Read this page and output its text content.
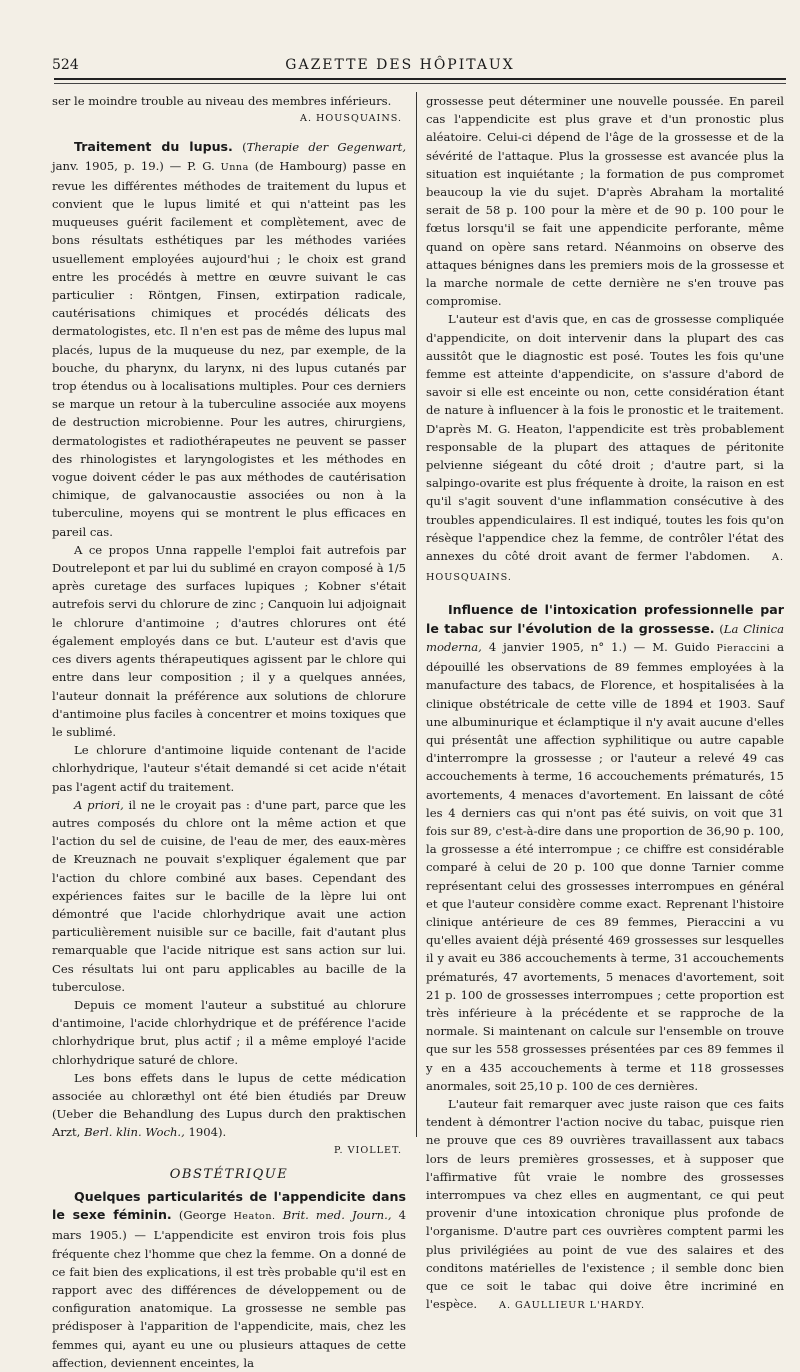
524	GAZETTE DES HÔPITAUX

ser le moindre trouble au niveau des membres inférieurs.

A. HOUSQUAINS.

Traitement du lupus. (Therapie der Gegenwart, janv. 1905, p. 19.) — P. G. Unna (de Hambourg) passe en revue les différentes méthodes de traitement du lupus et convient que le lupus limité et qui n'atteint pas les muqueuses guérit facilement et complètement, avec de bons résultats esthétiques par les méthodes variées usuellement employées aujourd'hui ; le choix est grand entre les procédés à mettre en œuvre suivant le cas particulier : Röntgen, Finsen, extirpation radicale, cautérisations chimiques et procédés délicats des dermatologistes, etc. Il n'en est pas de même des lupus mal placés, lupus de la muqueuse du nez, par exemple, de la bouche, du pharynx, du larynx, ni des lupus cutanés par trop étendus ou à localisations multiples. Pour ces derniers se marque un retour à la tuberculine associée aux moyens de destruction microbienne. Pour les autres, chirurgiens, dermatologistes et radiothérapeutes ne peuvent se passer des rhinologistes et laryngologistes et les méthodes en vogue doivent céder le pas aux méthodes de cautérisation chimique, de galvanocaustie associées ou non à la tuberculine, moyens qui se montrent le plus efficaces en pareil cas.

A ce propos Unna rappelle l'emploi fait autrefois par Doutrelepont et par lui du sublimé en crayon composé à 1/5 après curetage des surfaces lupiques ; Kobner s'était autrefois servi du chlorure de zinc ; Canquoin lui adjoignait le chlorure d'antimoine ; d'autres chlorures ont été également employés dans ce but. L'auteur est d'avis que ces divers agents thérapeutiques agissent par le chlore qui entre dans leur composition ; il y a quelques années, l'auteur donnait la préférence aux solutions de chlorure d'antimoine plus faciles à concentrer et moins toxiques que le sublimé.

Le chlorure d'antimoine liquide contenant de l'acide chlorhydrique, l'auteur s'était demandé si cet acide n'était pas l'agent actif du traitement.

A priori, il ne le croyait pas : d'une part, parce que les autres composés du chlore ont la même action et que l'action du sel de cuisine, de l'eau de mer, des eaux-mères de Kreuznach ne pouvait s'expliquer également que par l'action du chlore combiné aux bases. Cependant des expériences faites sur le bacille de la lèpre lui ont démontré que l'acide chlorhydrique avait une action particulièrement nuisible sur ce bacille, fait d'autant plus remarquable que l'acide nitrique est sans action sur lui. Ces résultats lui ont paru applicables au bacille de la tuberculose.

Depuis ce moment l'auteur a substitué au chlorure d'antimoine, l'acide chlorhydrique et de préférence l'acide chlorhydrique brut, plus actif ; il a même employé l'acide chlorhydrique saturé de chlore.

Les bons effets dans le lupus de cette médication associée au chloræthyl ont été bien étudiés par Dreuw (Ueber die Behandlung des Lupus durch den praktischen Arzt, Berl. klin. Woch., 1904).

P. VIOLLET.

OBSTÉTRIQUE

Quelques particularités de l'appendicite dans le sexe féminin. (George Heaton. Brit. med. Journ., 4 mars 1905.) — L'appendicite est environ trois fois plus fréquente chez l'homme que chez la femme. On a donné de ce fait bien des explications, il est très probable qu'il est en rapport avec des différences de développement ou de configuration anatomique. La grossesse ne semble pas prédisposer à l'apparition de l'appendicite, mais, chez les femmes qui, ayant eu une ou plusieurs attaques de cette affection, deviennent enceintes, la

grossesse peut déterminer une nouvelle poussée. En pareil cas l'appendicite est plus grave et d'un pronostic plus aléatoire. Celui-ci dépend de l'âge de la grossesse et de la sévérité de l'attaque. Plus la grossesse est avancée plus la situation est inquiétante ; la formation de pus compromet beaucoup la vie du sujet. D'après Abraham la mortalité serait de 58 p. 100 pour la mère et de 90 p. 100 pour le fœtus lorsqu'il se fait une appendicite perforante, même quand on opère sans retard. Néanmoins on observe des attaques bénignes dans les premiers mois de la grossesse et la marche normale de cette dernière ne s'en trouve pas compromise.

L'auteur est d'avis que, en cas de grossesse compliquée d'appendicite, on doit intervenir dans la plupart des cas aussitôt que le diagnostic est posé. Toutes les fois qu'une femme est atteinte d'appendicite, on s'assure d'abord de savoir si elle est enceinte ou non, cette considération étant de nature à influencer à la fois le pronostic et le traitement. D'après M. G. Heaton, l'appendicite est très probablement responsable de la plupart des attaques de péritonite pelvienne siégeant du côté droit ; d'autre part, si la salpingo-ovarite est plus fréquente à droite, la raison en est qu'il s'agit souvent d'une inflammation consécutive à des troubles appendiculaires. Il est indiqué, toutes les fois qu'on résèque l'appendice chez la femme, de contrôler l'état des annexes du côté droit avant de fermer l'abdomen. A. HOUSQUAINS.

Influence de l'intoxication professionnelle par le tabac sur l'évolution de la grossesse. (La Clinica moderna, 4 janvier 1905, n° 1.) — M. Guido Pieraccini a dépouillé les observations de 89 femmes employées à la manufacture des tabacs, de Florence, et hospitalisées à la clinique obstétricale de cette ville de 1894 et 1903. Sauf une albuminurique et éclamptique il n'y avait aucune d'elles qui présentât une affection syphilitique ou autre capable d'interrompre la grossesse ; or l'auteur a relevé 49 cas accouchements à terme, 16 accouchements prématurés, 15 avortements, 4 menaces d'avortement. En laissant de côté les 4 derniers cas qui n'ont pas été suivis, on voit que 31 fois sur 89, c'est-à-dire dans une proportion de 36,90 p. 100, la grossesse a été interrompue ; ce chiffre est considérable comparé à celui de 20 p. 100 que donne Tarnier comme représentant celui des grossesses interrompues en général et que l'auteur considère comme exact. Reprenant l'histoire clinique antérieure de ces 89 femmes, Pieraccini a vu qu'elles avaient déjà présenté 469 grossesses sur lesquelles il y avait eu 386 accouchements à terme, 31 accouchements prématurés, 47 avortements, 5 menaces d'avortement, soit 21 p. 100 de grossesses interrompues ; cette proportion est très inférieure à la précédente et se rapproche de la normale. Si maintenant on calcule sur l'ensemble on trouve que sur les 558 grossesses présentées par ces 89 femmes il y en a 435 accouchements à terme et 118 grossesses anormales, soit 25,10 p. 100 de ces dernières.

L'auteur fait remarquer avec juste raison que ces faits tendent à démontrer l'action nocive du tabac, puisque rien ne prouve que ces 89 ouvrières travaillassent aux tabacs lors de leurs premières grossesses, et à supposer que l'affirmative fût vraie le nombre des grossesses interrompues va chez elles en augmentant, ce qui peut provenir d'une intoxication chronique plus profonde de l'organisme. D'autre part ces ouvrières comptent parmi les plus privilégiées au point de vue des salaires et des conditons matérielles de l'existence ; il semble donc bien que ce soit le tabac qui doive être incriminé en l'espèce. A. GAULLIEUR L'HARDY.
